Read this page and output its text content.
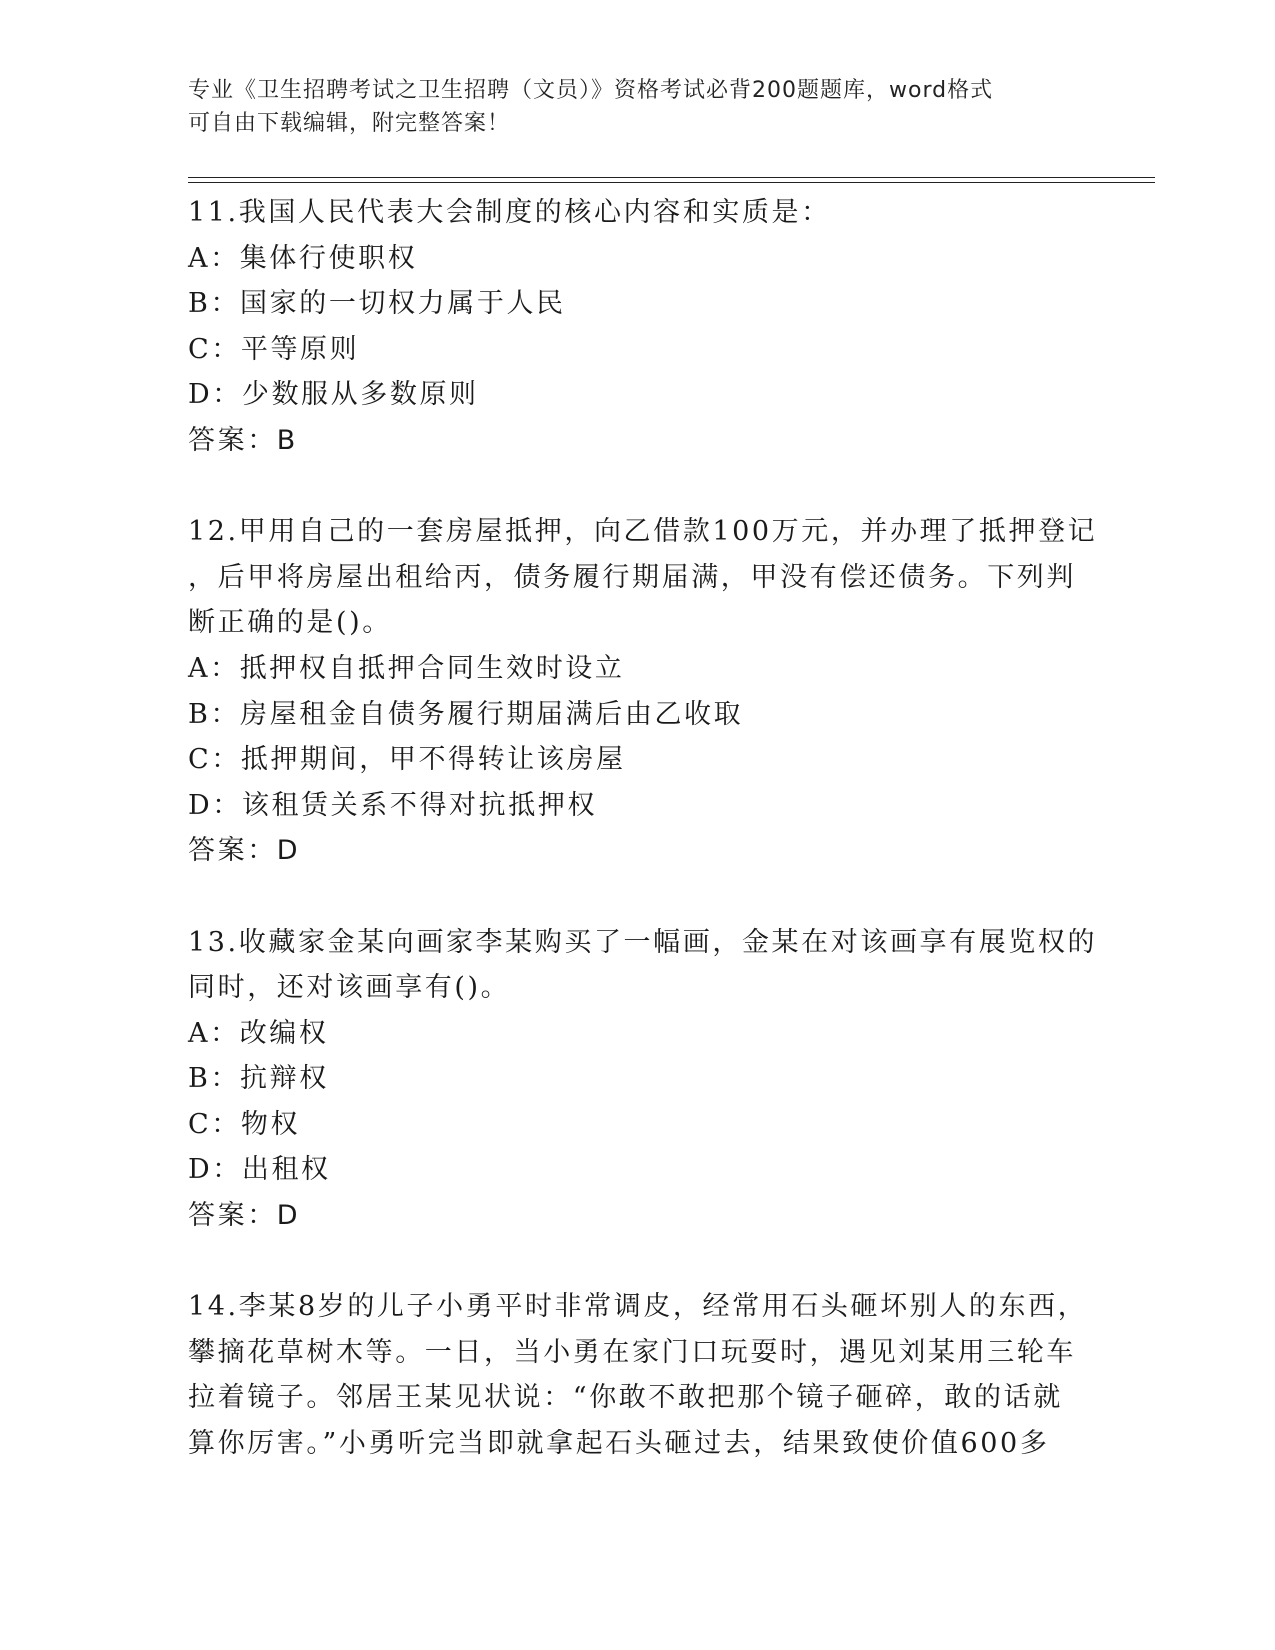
专业《卫生招聘考试之卫生招聘（文员）》资格考试必背200题题库，word格式
可自由下载编辑，附完整答案！
11.我国人民代表大会制度的核心内容和实质是：
A：集体行使职权
B：国家的一切权力属于人民
C：平等原则
D：少数服从多数原则
答案：B
12.甲用自己的一套房屋抵押，向乙借款100万元，并办理了抵押登记
，后甲将房屋出租给丙，债务履行期届满，甲没有偿还债务。下列判
断正确的是()。
A：抵押权自抵押合同生效时设立
B：房屋租金自债务履行期届满后由乙收取
C：抵押期间，甲不得转让该房屋
D：该租赁关系不得对抗抵押权
答案：D
13.收藏家金某向画家李某购买了一幅画，金某在对该画享有展览权的
同时，还对该画享有()。
A：改编权
B：抗辩权
C：物权
D：出租权
答案：D
14.李某8岁的儿子小勇平时非常调皮，经常用石头砸坏别人的东西，
攀摘花草树木等。一日，当小勇在家门口玩耍时，遇见刘某用三轮车
拉着镜子。邻居王某见状说：“你敢不敢把那个镜子砸碎，敢的话就
算你厉害。”小勇听完当即就拿起石头砸过去，结果致使价值600多
